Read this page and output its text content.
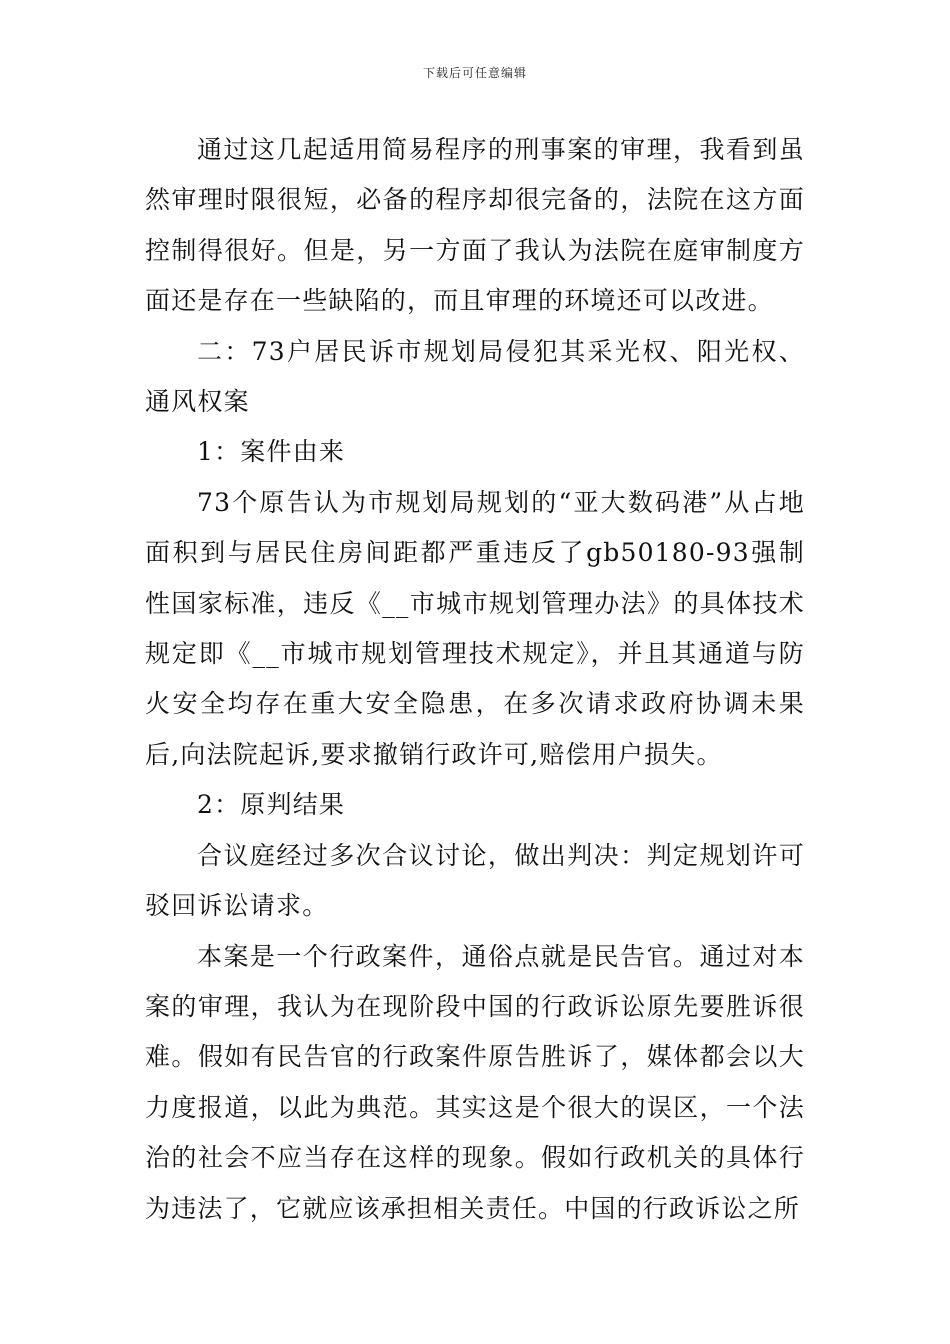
下载后可任意编辑

通过这几起适用简易程序的刑事案的审理，我看到虽然审理时限很短，必备的程序却很完备的，法院在这方面控制得很好。但是，另一方面了我认为法院在庭审制度方面还是存在一些缺陷的，而且审理的环境还可以改进。

二：73户居民诉市规划局侵犯其采光权、阳光权、通风权案

1：案件由来

73个原告认为市规划局规划的“亚大数码港”从占地面积到与居民住房间距都严重违反了gb50180-93强制性国家标准，违反《__市城市规划管理办法》的具体技术规定即《__市城市规划管理技术规定》，并且其通道与防火安全均存在重大安全隐患，在多次请求政府协调未果后,向法院起诉,要求撤销行政许可,赔偿用户损失。

2：原判结果

合议庭经过多次合议讨论，做出判决：判定规划许可驳回诉讼请求。

本案是一个行政案件，通俗点就是民告官。通过对本案的审理，我认为在现阶段中国的行政诉讼原先要胜诉很难。假如有民告官的行政案件原告胜诉了，媒体都会以大力度报道，以此为典范。其实这是个很大的误区，一个法治的社会不应当存在这样的现象。假如行政机关的具体行为违法了，它就应该承担相关责任。中国的行政诉讼之所
